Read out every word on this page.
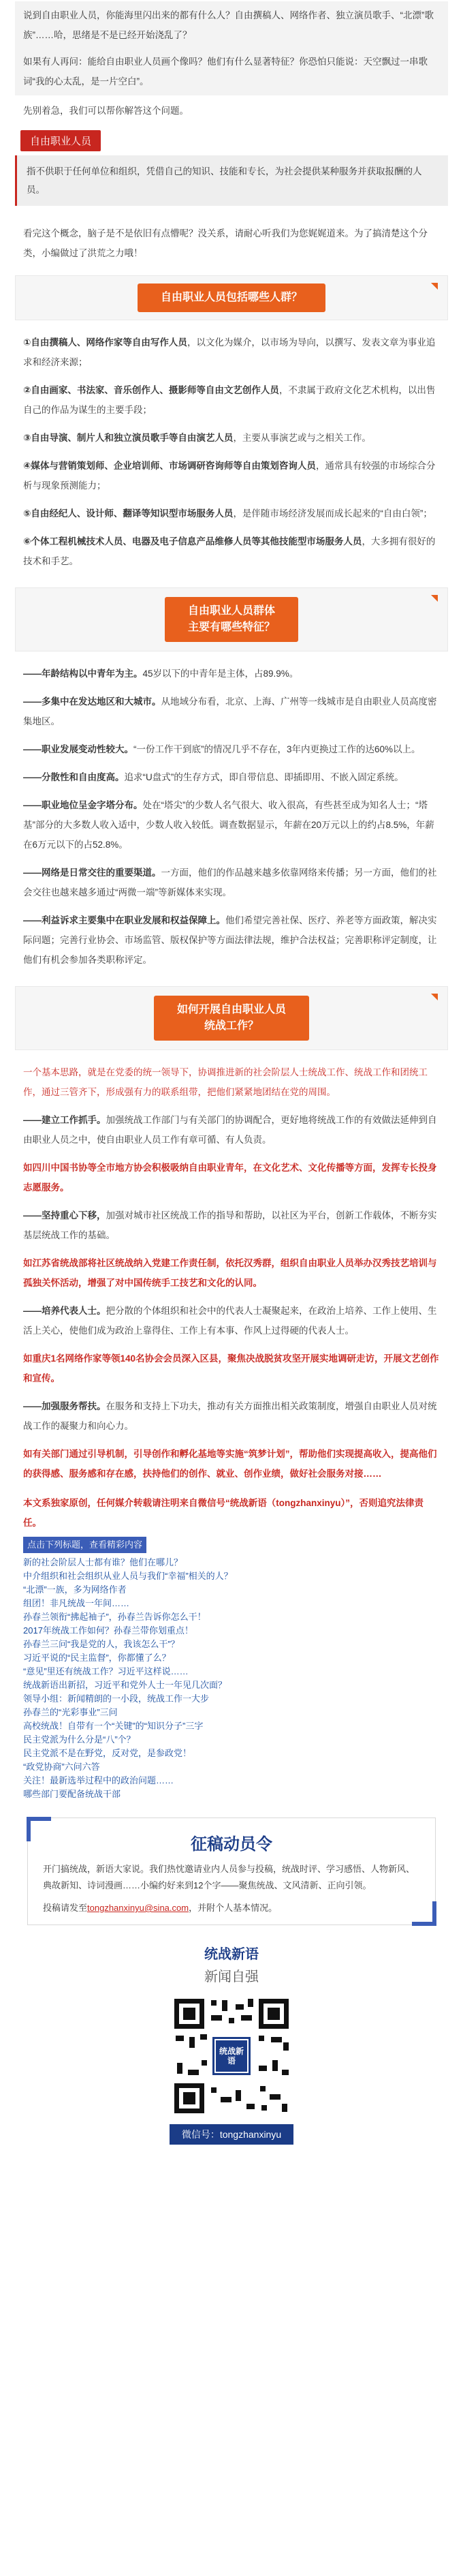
说到自由职业人员，你能海里闪出来的都有什么人？自由撰稿人、网络作者、独立演员歌手、“北漂”歌族”……哈，思绪是不是已经开始浇乱了？

如果有人再问：能给自由职业人员画个像吗？他们有什么显著特征？你恐怕只能说：天空飘过一串歌词“我的心太乱，是一片空白”。

先别着急，我们可以帮你解答这个问题。

自由职业人员
指不供职于任何单位和组织，凭借自己的知识、技能和专长，为社会提供某种服务并获取报酬的人员。

看完这个概念，脑子是不是依旧有点懵呢？没关系，请耐心听我们为您娓娓道来。为了搞清楚这个分类，小编做过了洪荒之力哦！

自由职业人员包括哪些人群？

①自由撰稿人、网络作家等自由写作人员，以文化为媒介，以市场为导向，以撰写、发表文章为事业追求和经济来源；

②自由画家、书法家、音乐创作人、摄影师等自由文艺创作人员，不隶属于政府文化艺术机构，以出售自己的作品为谋生的主要手段；

③自由导演、制片人和独立演员歌手等自由演艺人员，主要从事演艺或与之相关工作。

④媒体与营销策划师、企业培训师、市场调研咨询师等自由策划咨询人员，通常具有较强的市场综合分析与现象预测能力；

⑤自由经纪人、设计师、翻译等知识型市场服务人员，是伴随市场经济发展而成长起来的“自由白领”；

⑥个体工程机械技术人员、电器及电子信息产品维修人员等其他技能型市场服务人员，大多拥有很好的技术和手艺。

自由职业人员群体
主要有哪些特征？

——年龄结构以中青年为主。45岁以下的中青年是主体，占89.9%。

——多集中在发达地区和大城市。从地域分布看，北京、上海、广州等一线城市是自由职业人员高度密集地区。

——职业发展变动性较大。“一份工作干到底”的情况几乎不存在，3年内更换过工作的达60%以上。

——分散性和自由度高。追求“U盘式”的生存方式，即自带信息、即插即用、不嵌入固定系统。

——职业地位呈金字塔分布。处在“塔尖”的少数人名气很大、收入很高，有些甚至成为知名人士；“塔基”部分的大多数人收入适中，少数人收入较低。调查数据显示，年薪在20万元以上的约占8.5%，年薪在6万元以下的占52.8%。

——网络是日常交往的重要渠道。一方面，他们的作品越来越多依靠网络来传播；另一方面，他们的社会交往也越来越多通过“两微一端”等新媒体来实现。

——利益诉求主要集中在职业发展和权益保障上。他们希望完善社保、医疗、养老等方面政策，解决实际问题；完善行业协会、市场监管、版权保护等方面法律法规，维护合法权益；完善职称评定制度，让他们有机会参加各类职称评定。

如何开展自由职业人员
统战工作？

一个基本思路，就是在党委的统一领导下，协调推进新的社会阶层人士统战工作、统战工作和团统工作，通过三管齐下，形成强有力的联系组带，把他们紧紧地团结在党的周围。

——建立工作抓手。加强统战工作部门与有关部门的协调配合，更好地将统战工作的有效做法延伸到自由职业人员之中，使自由职业人员工作有章可循、有人负责。

如四川中国书协等全市地方协会积极吸纳自由职业青年，在文化艺术、文化传播等方面，发挥专长投身志愿服务。

——坚持重心下移，加强对城市社区统战工作的指导和帮助，以社区为平台，创新工作载体，不断夯实基层统战工作的基础。

如江苏省统战部将社区统战纳入党建工作责任制，依托汉秀群，组织自由职业人员举办汉秀技艺培训与孤独关怀活动，增强了对中国传统手工技艺和文化的认同。

——培养代表人士。把分散的个体组织和社会中的代表人士凝聚起来，在政治上培养、工作上使用、生活上关心，使他们成为政治上靠得住、工作上有本事、作风上过得硬的代表人士。

如重庆1名网络作家等领140名协会会员深入区县，聚焦决战脱贫攻坚开展实地调研走访，开展文艺创作和宣传。

——加强服务帮扶。在服务和支持上下功夫，推动有关方面推出相关政策制度，增强自由职业人员对统战工作的凝聚力和向心力。

如有关部门通过引导机制，引导创作和孵化基地等实施“筑梦计划”，帮助他们实现提高收入，提高他们的获得感、服务感和存在感，扶持他们的创作、就业、创作业绩，做好社会服务对接……

本文系独家原创，任何媒介转载请注明来自微信号“统战新语（tongzhanxinyu）”，否则追究法律责任。

点击下列标题，查看精彩内容
新的社会阶层人士都有谁？他们在哪儿？
中介组织和社会组织从业人员与我们“幸福”相关的人？
“北漂”一族，多为网络作者
组团！非凡统战一年间……
孙春兰领衔“拂起袖子”，孙春兰告诉你怎么干！
2017年统战工作如何？孙春兰带你划重点！
孙春兰三问“我是党的人，我该怎么干”？
习近平说的“民主监督”，你都懂了么？
“意见”里还有统战工作？习近平这样说……
统战新语出新招，习近平和党外人士一年见几次面？
领导小组：新闻精朗的一小段，统战工作一大步
孙春兰的“光彩事业”三问
高校统战！自带有一个“关键”的“知识分子”三字
民主党派为什么分是“八”个？
民主党派不是在野党，反对党，是参政党！
“政党协商”六问六答
关注！最新选举过程中的政治问题……
哪些部门要配备统战干部
征稿动员令
开门搞统战，新语大家说。我们热忱邀请业内人员参与投稿，统战时评、学习感悟、人物新风、典故新知、诗词漫画……小编约好来到12个字——聚焦统战、文风清新、正向引领。
投稿请发至tongzhanxinyu@sina.com，并附个人基本情况。
统战新语
新闻自强
统战新语
微信号：tongzhanxinyu
